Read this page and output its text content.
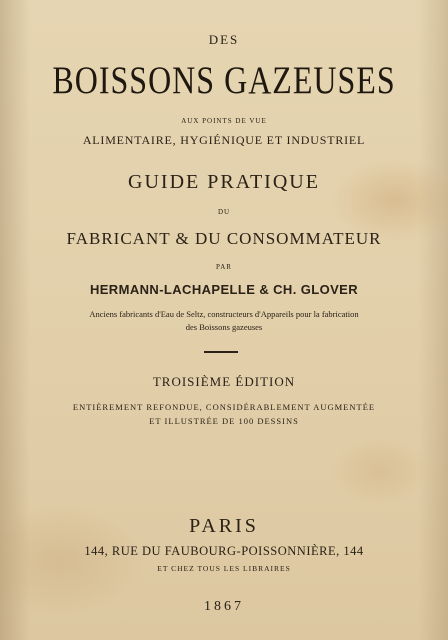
DES
BOISSONS GAZEUSES
AUX POINTS DE VUE
ALIMENTAIRE, HYGIÉNIQUE ET INDUSTRIEL
GUIDE PRATIQUE
DU
FABRICANT & DU CONSOMMATEUR
PAR
HERMANN-LACHAPELLE & CH. GLOVER
Anciens fabricants d'Eau de Seltz, constructeurs d'Appareils pour la fabrication
des Boissons gazeuses
TROISIÈME ÉDITION
ENTIÈREMENT REFONDUE, CONSIDÉRABLEMENT AUGMENTÉE
ET ILLUSTRÉE DE 100 DESSINS
PARIS
144, RUE DU FAUBOURG-POISSONNIÈRE, 144
ET CHEZ TOUS LES LIBRAIRES
1867
